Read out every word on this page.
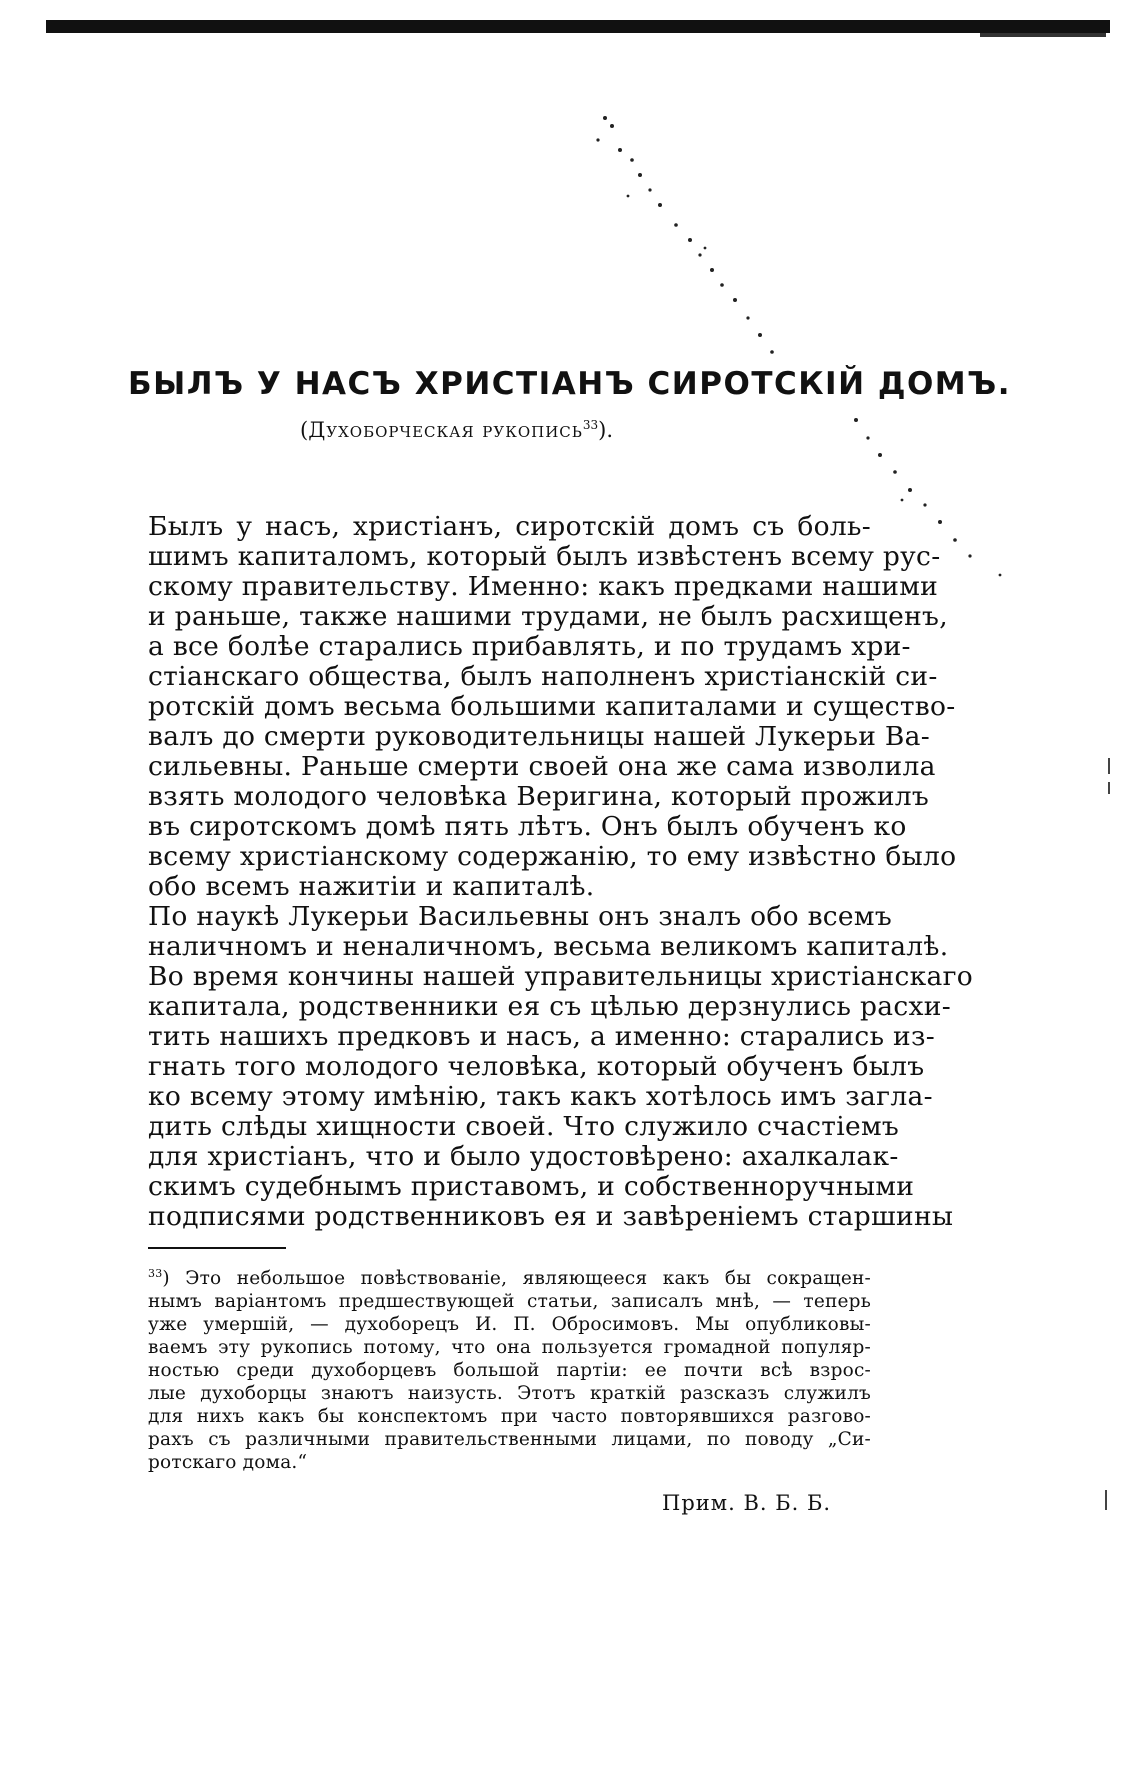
БЫЛЪ У НАСЪ ХРИСТІАНЪ СИРОТСКІЙ ДОМЪ.
(Духоборческая рукопись$^{33}$).
Былъ у насъ, христіанъ, сиротскій домъ съ боль-
шимъ капиталомъ, который былъ извѣстенъ всему рус-
скому правительству. Именно: какъ предками нашими
и раньше, также нашими трудами, не былъ расхищенъ,
а все болѣе старались прибавлять, и по трудамъ хри-
стіанскаго общества, былъ наполненъ христіанскій си-
ротскій домъ весьма большими капиталами и существо-
валъ до смерти руководительницы нашей Лукерьи Ва-
сильевны. Раньше смерти своей она же сама изволила
взять молодого человѣка Веригина, который прожилъ
въ сиротскомъ домѣ пять лѣтъ. Онъ былъ обученъ ко
всему христіанскому содержанію, то ему извѣстно было
обо всемъ нажитіи и капиталѣ.
По наукѣ Лукерьи Васильевны онъ зналъ обо всемъ
наличномъ и неналичномъ, весьма великомъ капиталѣ.
Во время кончины нашей управительницы христіанскаго
капитала, родственники ея съ цѣлью дерзнулись расхи-
тить нашихъ предковъ и насъ, а именно: старались из-
гнать того молодого человѣка, который обученъ былъ
ко всему этому имѣнію, такъ какъ хотѣлось имъ загла-
дить слѣды хищности своей. Что служило счастіемъ
для христіанъ, что и было удостовѣрено: ахалкалак-
скимъ судебнымъ приставомъ, и собственноручными
подписями родственниковъ ея и завѣреніемъ старшины
$^{33}$) Это небольшое повѣствованіе, являющееся какъ бы сокращен-
нымъ варіантомъ предшествующей статьи, записалъ мнѣ, — теперь
уже умершій, — духоборецъ И. П. Обросимовъ. Мы опубликовы-
ваемъ эту рукопись потому, что она пользуется громадной популяр-
ностью среди духоборцевъ большой партіи: ее почти всѣ взрос-
лые духоборцы знаютъ наизусть. Этотъ краткій разсказъ служилъ
для нихъ какъ бы конспектомъ при часто повторявшихся разгово-
рахъ съ различными правительственными лицами, по поводу „Си-
ротскаго дома.“
Прим. В. Б. Б.
